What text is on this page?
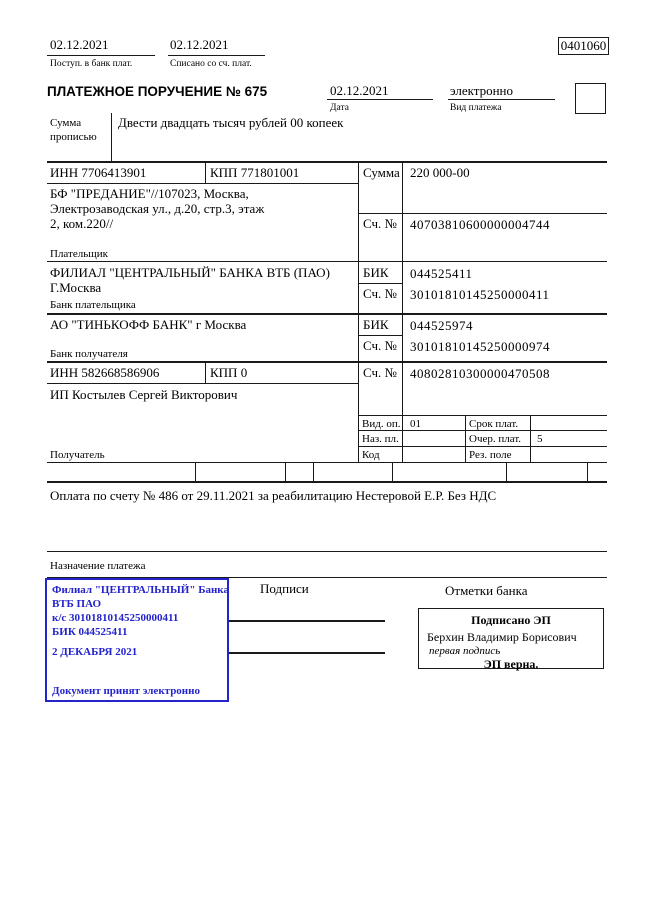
02.12.2021
Поступ. в банк плат.
02.12.2021
Списано со сч. плат.
0401060
ПЛАТЕЖНОЕ ПОРУЧЕНИЕ № 675	02.12.2021
Дата
электронно
Вид платежа
Сумма
прописью
Двести двадцать тысяч рублей 00 копеек
ИНН 7706413901	КПП 771801001	Сумма 220 000-00
БФ "ПРЕДАНИЕ"//107023, Москва,
Электрозаводская ул., д.20, стр.3, этаж
2, ком.220//	Сч. № 40703810600000004744
Плательщик
ФИЛИАЛ "ЦЕНТРАЛЬНЫЙ" БАНКА ВТБ (ПАО)
Г.Москва
БИК 044525411
Сч. № 30101810145250000411
Банк плательщика
АО "ТИНЬКОФФ БАНК" г Москва	БИК 044525974
Сч. № 30101810145250000974
Банк получателя
ИНН 582668586906	КПП 0	Сч. № 40802810300000470508
ИП Костылев Сергей Викторович
Получатель
Вид. оп. 01	Срок плат.
Наз. пл.	Очер. плат. 5
Код	Рез. поле
Оплата по счету № 486 от 29.11.2021 за реабилитацию Нестеровой Е.Р. Без НДС
Назначение платежа
Подписи	Отметки банка
Филиал "ЦЕНТРАЛЬНЫЙ" Банка
ВТБ ПАО
к/с 30101810145250000411
БИК 044525411
2 ДЕКАБРЯ 2021
Документ принят электронно
Подписано ЭП
Берхин Владимир Борисович
первая подпись
ЭП верна.
